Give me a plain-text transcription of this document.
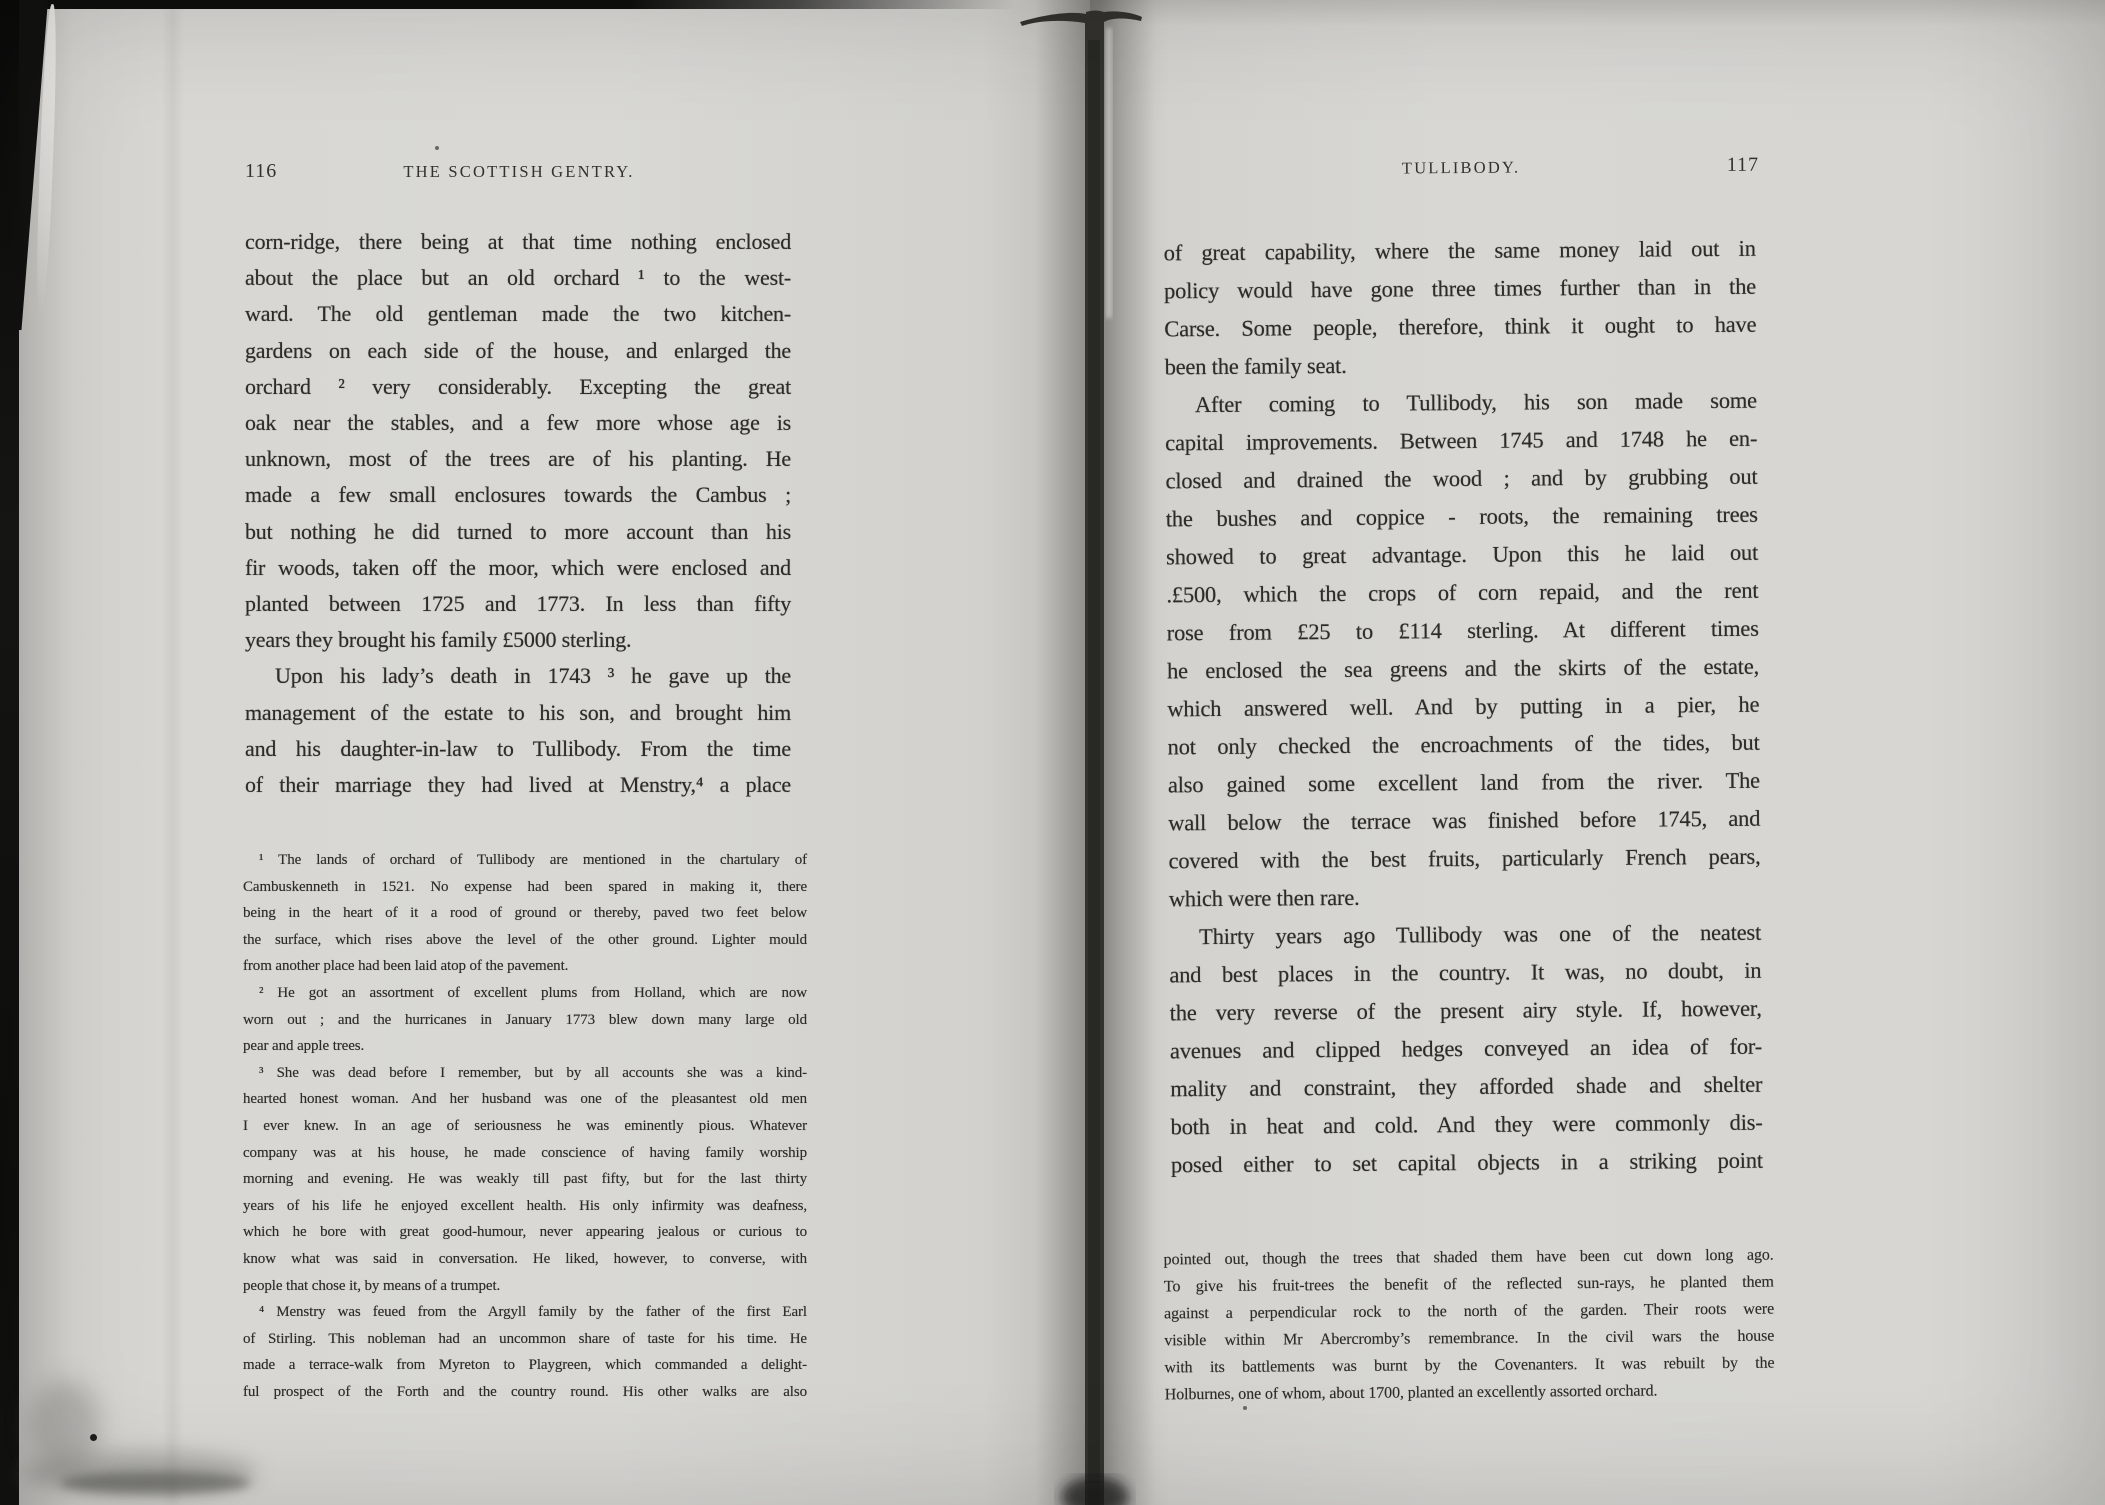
116	THE SCOTTISH GENTRY.
corn-ridge, there being at that time nothing enclosed
about the place but an old orchard ¹ to the west-
ward. The old gentleman made the two kitchen-
gardens on each side of the house, and enlarged the
orchard ² very considerably. Excepting the great
oak near the stables, and a few more whose age is
unknown, most of the trees are of his planting. He
made a few small enclosures towards the Cambus ;
but nothing he did turned to more account than his
fir woods, taken off the moor, which were enclosed and
planted between 1725 and 1773. In less than fifty
years they brought his family £5000 sterling.
Upon his lady’s death in 1743 ³ he gave up the
management of the estate to his son, and brought him
and his daughter-in-law to Tullibody. From the time
of their marriage they had lived at Menstry,⁴ a place
¹ The lands of orchard of Tullibody are mentioned in the chartulary of
Cambuskenneth in 1521. No expense had been spared in making it, there
being in the heart of it a rood of ground or thereby, paved two feet below
the surface, which rises above the level of the other ground. Lighter mould
from another place had been laid atop of the pavement.
² He got an assortment of excellent plums from Holland, which are now
worn out ; and the hurricanes in January 1773 blew down many large old
pear and apple trees.
³ She was dead before I remember, but by all accounts she was a kind-
hearted honest woman. And her husband was one of the pleasantest old men
I ever knew. In an age of seriousness he was eminently pious. Whatever
company was at his house, he made conscience of having family worship
morning and evening. He was weakly till past fifty, but for the last thirty
years of his life he enjoyed excellent health. His only infirmity was deafness,
which he bore with great good-humour, never appearing jealous or curious to
know what was said in conversation. He liked, however, to converse, with
people that chose it, by means of a trumpet.
⁴ Menstry was feued from the Argyll family by the father of the first Earl
of Stirling. This nobleman had an uncommon share of taste for his time. He
made a terrace-walk from Myreton to Playgreen, which commanded a delight-
ful prospect of the Forth and the country round. His other walks are also
TULLIBODY.	117
of great capability, where the same money laid out in
policy would have gone three times further than in the
Carse. Some people, therefore, think it ought to have
been the family seat.
After coming to Tullibody, his son made some
capital improvements. Between 1745 and 1748 he en-
closed and drained the wood ; and by grubbing out
the bushes and coppice - roots, the remaining trees
showed to great advantage. Upon this he laid out
.£500, which the crops of corn repaid, and the rent
rose from £25 to £114 sterling. At different times
he enclosed the sea greens and the skirts of the estate,
which answered well. And by putting in a pier, he
not only checked the encroachments of the tides, but
also gained some excellent land from the river. The
wall below the terrace was finished before 1745, and
covered with the best fruits, particularly French pears,
which were then rare.
Thirty years ago Tullibody was one of the neatest
and best places in the country. It was, no doubt, in
the very reverse of the present airy style. If, however,
avenues and clipped hedges conveyed an idea of for-
mality and constraint, they afforded shade and shelter
both in heat and cold. And they were commonly dis-
posed either to set capital objects in a striking point
pointed out, though the trees that shaded them have been cut down long ago.
To give his fruit-trees the benefit of the reflected sun-rays, he planted them
against a perpendicular rock to the north of the garden. Their roots were
visible within Mr Abercromby’s remembrance. In the civil wars the house
with its battlements was burnt by the Covenanters. It was rebuilt by the
Holburnes, one of whom, about 1700, planted an excellently assorted orchard.
